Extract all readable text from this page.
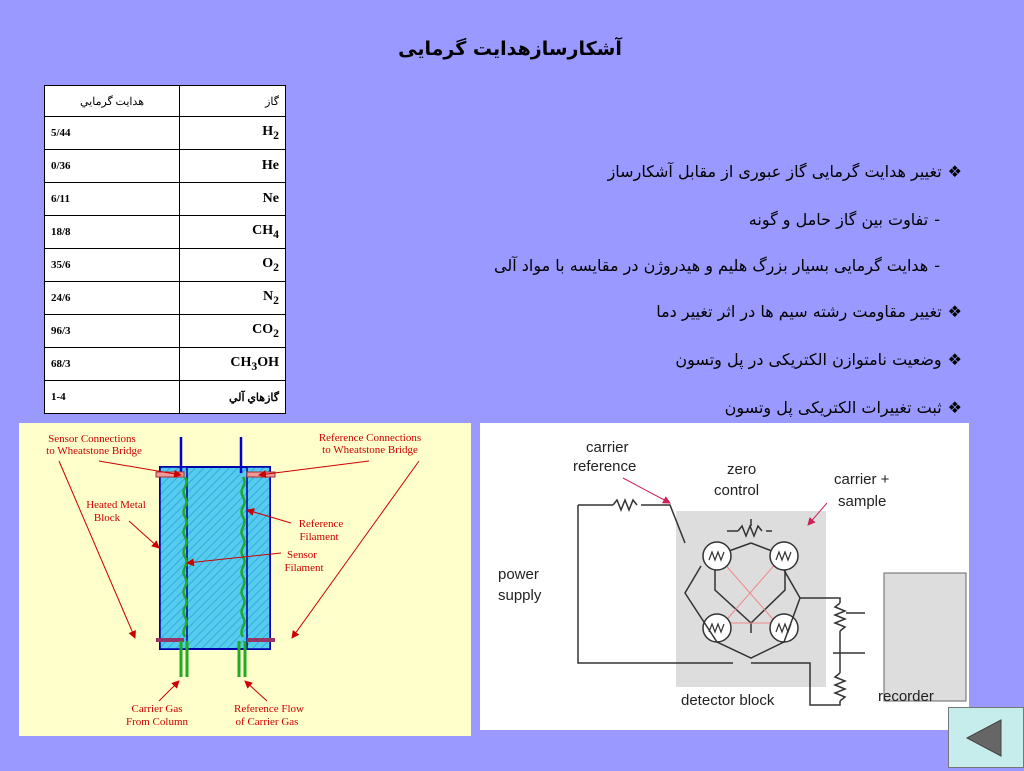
آشکارسازهدایت گرمایی
هدايت گرمايي	گاز
5/44	$H_2$
0/36	He
6/11	Ne
18/8	$CH_4$
35/6	$O_2$
24/6	$N_2$
96/3	$CO_2$
68/3	$CH_3OH$
1-4	گازهاي آلي
❖تغییر هدایت گرمایی گاز عبوری از مقابل آشکارساز
-تفاوت بین گاز حامل و گونه
-هدایت گرمایی بسیار بزرگ هلیم و هیدروژن در مقایسه با مواد آلی
❖تغییر مقاومت رشته سیم ها در اثر تغییر دما
❖وضعیت نامتوازن الکتریکی در پل وتسون
❖ثبت تغییرات الکتریکی پل وتسون
Sensor Connections
to Wheatstone Bridge
Reference Connections
to Wheatstone Bridge
Heated Metal
Block	Reference
Filament
Sensor
Filament
Carrier Gas
From Column
Reference Flow
of Carrier Gas
carrier
reference	zero
control
carrier +
sample
power
supply
detector block	recorder
